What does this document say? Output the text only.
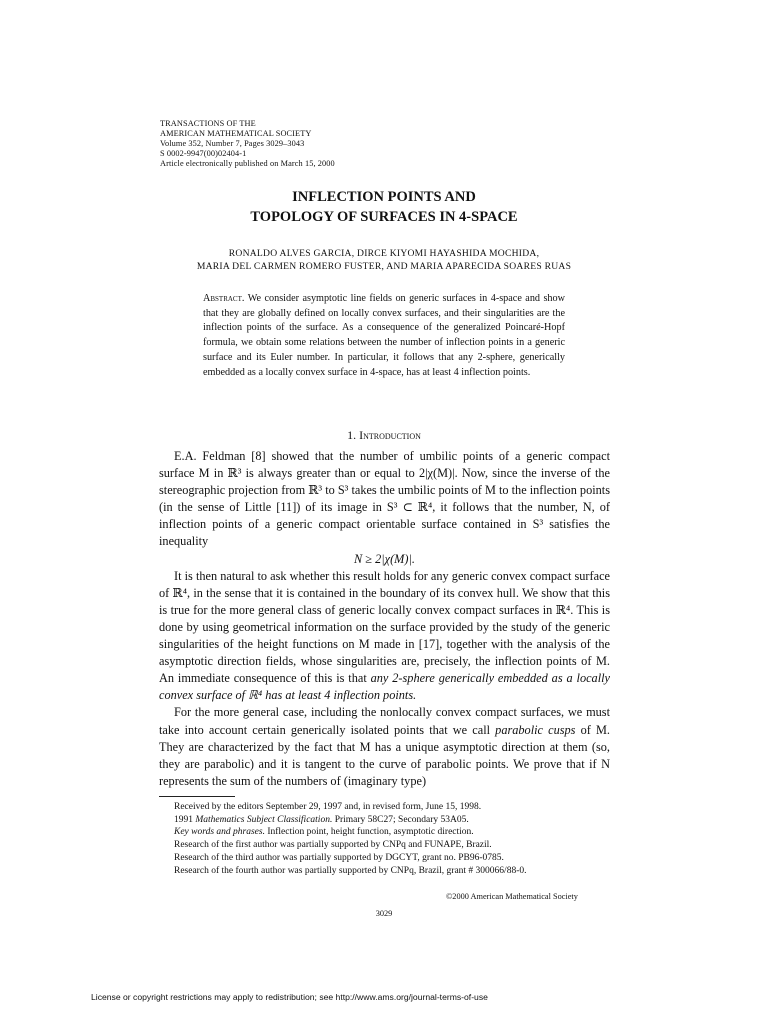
TRANSACTIONS OF THE
AMERICAN MATHEMATICAL SOCIETY
Volume 352, Number 7, Pages 3029–3043
S 0002-9947(00)02404-1
Article electronically published on March 15, 2000
INFLECTION POINTS AND
TOPOLOGY OF SURFACES IN 4-SPACE
RONALDO ALVES GARCIA, DIRCE KIYOMI HAYASHIDA MOCHIDA,
MARIA DEL CARMEN ROMERO FUSTER, AND MARIA APARECIDA SOARES RUAS
Abstract. We consider asymptotic line fields on generic surfaces in 4-space and show that they are globally defined on locally convex surfaces, and their singularities are the inflection points of the surface. As a consequence of the generalized Poincaré-Hopf formula, we obtain some relations between the number of inflection points in a generic surface and its Euler number. In particular, it follows that any 2-sphere, generically embedded as a locally convex surface in 4-space, has at least 4 inflection points.
1. Introduction

E.A. Feldman [8] showed that the number of umbilic points of a generic compact surface M in ℝ³ is always greater than or equal to 2|χ(M)|. Now, since the inverse of the stereographic projection from ℝ³ to S³ takes the umbilic points of M to the inflection points (in the sense of Little [11]) of its image in S³ ⊂ ℝ⁴, it follows that the number, N, of inflection points of a generic compact orientable surface contained in S³ satisfies the inequality

N ≥ 2|χ(M)|.

It is then natural to ask whether this result holds for any generic convex compact surface of ℝ⁴, in the sense that it is contained in the boundary of its convex hull. We show that this is true for the more general class of generic locally convex compact surfaces in ℝ⁴. This is done by using geometrical information on the surface provided by the study of the generic singularities of the height functions on M made in [17], together with the analysis of the asymptotic direction fields, whose singularities are, precisely, the inflection points of M. An immediate consequence of this is that any 2-sphere generically embedded as a locally convex surface of ℝ⁴ has at least 4 inflection points.

For the more general case, including the nonlocally convex compact surfaces, we must take into account certain generically isolated points that we call parabolic cusps of M. They are characterized by the fact that M has a unique asymptotic direction at them (so, they are parabolic) and it is tangent to the curve of parabolic points. We prove that if N represents the sum of the numbers of (imaginary type)

Received by the editors September 29, 1997 and, in revised form, June 15, 1998.
1991 Mathematics Subject Classification. Primary 58C27; Secondary 53A05.
Key words and phrases. Inflection point, height function, asymptotic direction.
Research of the first author was partially supported by CNPq and FUNAPE, Brazil.
Research of the third author was partially supported by DGCYT, grant no. PB96-0785.
Research of the fourth author was partially supported by CNPq, Brazil, grant # 300066/88-0.
©2000 American Mathematical Society
3029
License or copyright restrictions may apply to redistribution; see http://www.ams.org/journal-terms-of-use
